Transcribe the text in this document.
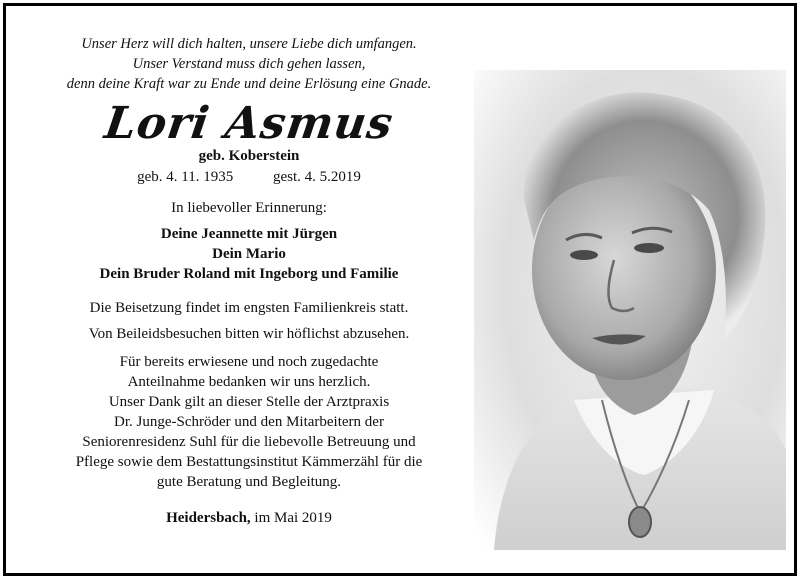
Unser Herz will dich halten, unsere Liebe dich umfangen.
Unser Verstand muss dich gehen lassen,
denn deine Kraft war zu Ende und deine Erlösung eine Gnade.
Lori Asmus
geb. Koberstein
geb. 4. 11. 1935	gest. 4. 5.2019
In liebevoller Erinnerung:
Deine Jeannette mit Jürgen
Dein Mario
Dein Bruder Roland mit Ingeborg und Familie
Die Beisetzung findet im engsten Familienkreis statt.
Von Beileidsbesuchen bitten wir höflichst abzusehen.
Für bereits erwiesene und noch zugedachte
Anteilnahme bedanken wir uns herzlich.
Unser Dank gilt an dieser Stelle der Arztpraxis
Dr. Junge-Schröder und den Mitarbeitern der
Seniorenresidenz Suhl für die liebevolle Betreuung und
Pflege sowie dem Bestattungsinstitut Kämmerzähl für die
gute Beratung und Begleitung.
Heidersbach, im Mai 2019
